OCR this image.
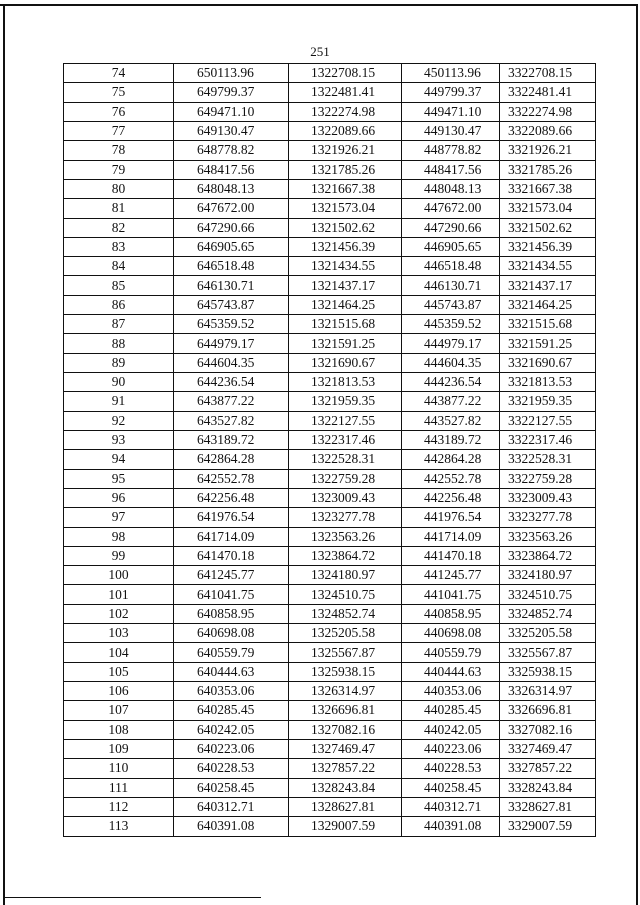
251
74	650113.96	1322708.15	450113.96	3322708.15
75	649799.37	1322481.41	449799.37	3322481.41
76	649471.10	1322274.98	449471.10	3322274.98
77	649130.47	1322089.66	449130.47	3322089.66
78	648778.82	1321926.21	448778.82	3321926.21
79	648417.56	1321785.26	448417.56	3321785.26
80	648048.13	1321667.38	448048.13	3321667.38
81	647672.00	1321573.04	447672.00	3321573.04
82	647290.66	1321502.62	447290.66	3321502.62
83	646905.65	1321456.39	446905.65	3321456.39
84	646518.48	1321434.55	446518.48	3321434.55
85	646130.71	1321437.17	446130.71	3321437.17
86	645743.87	1321464.25	445743.87	3321464.25
87	645359.52	1321515.68	445359.52	3321515.68
88	644979.17	1321591.25	444979.17	3321591.25
89	644604.35	1321690.67	444604.35	3321690.67
90	644236.54	1321813.53	444236.54	3321813.53
91	643877.22	1321959.35	443877.22	3321959.35
92	643527.82	1322127.55	443527.82	3322127.55
93	643189.72	1322317.46	443189.72	3322317.46
94	642864.28	1322528.31	442864.28	3322528.31
95	642552.78	1322759.28	442552.78	3322759.28
96	642256.48	1323009.43	442256.48	3323009.43
97	641976.54	1323277.78	441976.54	3323277.78
98	641714.09	1323563.26	441714.09	3323563.26
99	641470.18	1323864.72	441470.18	3323864.72
100	641245.77	1324180.97	441245.77	3324180.97
101	641041.75	1324510.75	441041.75	3324510.75
102	640858.95	1324852.74	440858.95	3324852.74
103	640698.08	1325205.58	440698.08	3325205.58
104	640559.79	1325567.87	440559.79	3325567.87
105	640444.63	1325938.15	440444.63	3325938.15
106	640353.06	1326314.97	440353.06	3326314.97
107	640285.45	1326696.81	440285.45	3326696.81
108	640242.05	1327082.16	440242.05	3327082.16
109	640223.06	1327469.47	440223.06	3327469.47
110	640228.53	1327857.22	440228.53	3327857.22
111	640258.45	1328243.84	440258.45	3328243.84
112	640312.71	1328627.81	440312.71	3328627.81
113	640391.08	1329007.59	440391.08	3329007.59
